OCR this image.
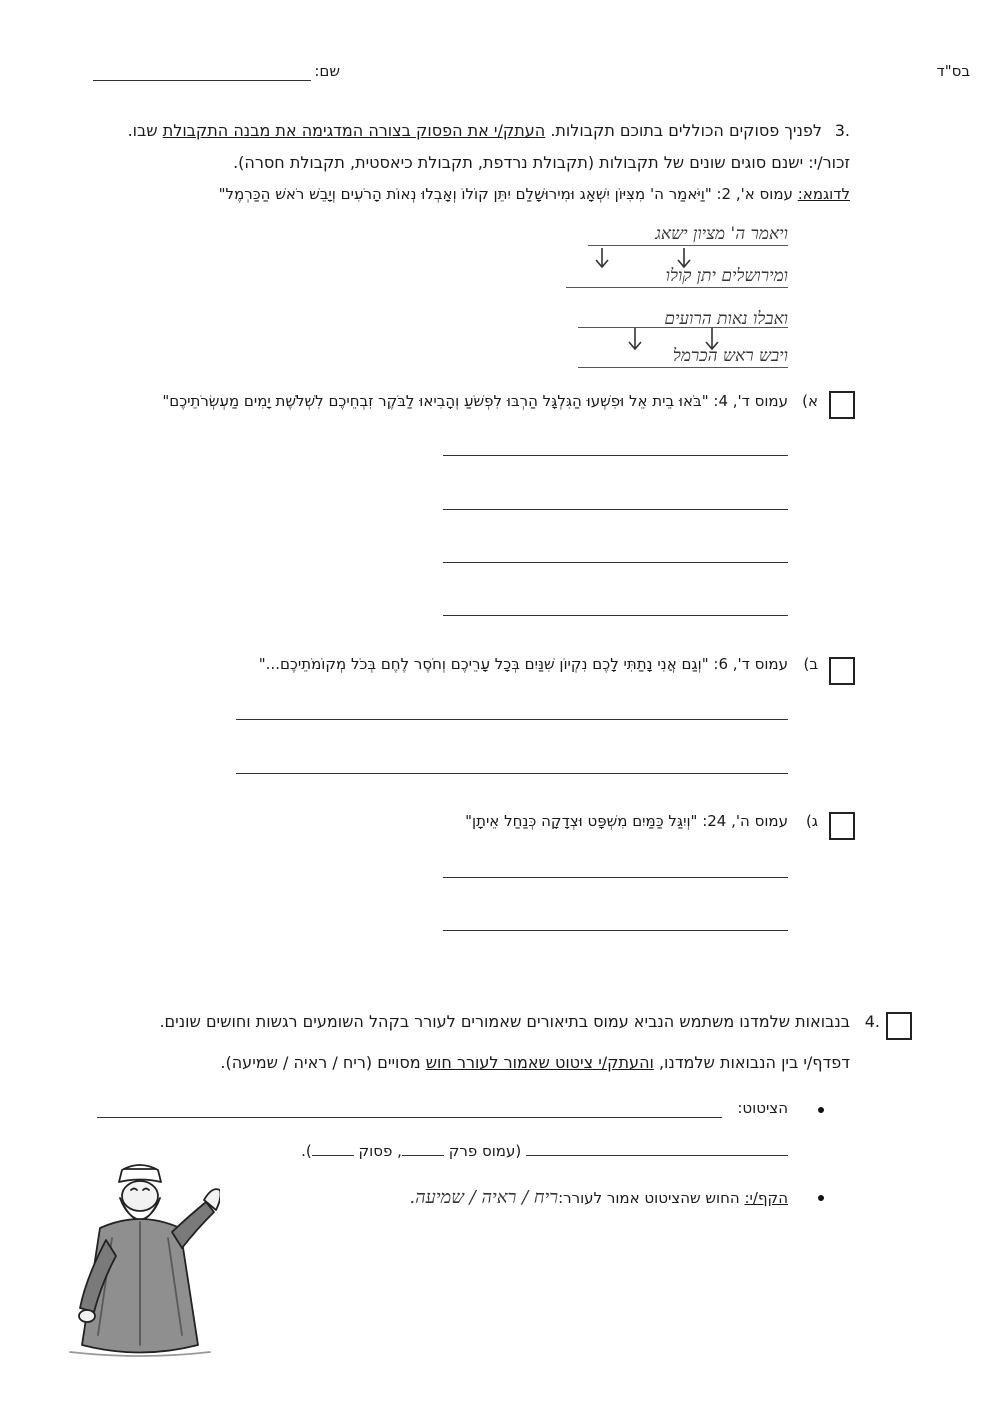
בס"ד
שם:
3.
לפניך פסוקים הכוללים בתוכם תקבולות. העתק/י את הפסוק בצורה המדגימה את מבנה התקבולת שבו.
זכור/י: ישנם סוגים שונים של תקבולות (תקבולת נרדפת, תקבולת כיאסטית, תקבולת חסרה).
לדוגמא: עמוס א', 2: "וַיֹּאמַר ה' מִצִּיּוֹן יִשְׁאָג וּמִירוּשָׁלִַם יִתֵּן קוֹלוֹ וְאָבְלוּ נְאוֹת הָרֹעִים וְיָבֵשׁ רֹאשׁ הַכַּרְמֶל"
ויאמר ה' מציון ישאג
ומירושלים יתן קולו
ואבלו נאות הרועים
ויבש ראש הכרמל
א)
עמוס ד', 4: "בֹּאוּ בֵית אֵל וּפִשְׁעוּ הַגִּלְגָּל הַרְבּוּ לִפְשֹׁעַ וְהָבִיאוּ לַבֹּקֶר זִבְחֵיכֶם לִשְׁלֹשֶׁת יָמִים מַעְשְׂרֹתֵיכֶם"
ב)
עמוס ד', 6: "וְגַם אֲנִי נָתַתִּי לָכֶם נִקְיוֹן שִׁנַּיִם בְּכָל עָרֵיכֶם וְחֹסֶר לֶחֶם בְּכֹל מְקוֹמֹתֵיכֶם..."
ג)
עמוס ה', 24: "וְיִגַּל כַּמַּיִם מִשְׁפָּט וּצְדָקָה כְּנַחַל אֵיתָן"
4.
בנבואות שלמדנו משתמש הנביא עמוס בתיאורים שאמורים לעורר בקהל השומעים רגשות וחושים שונים.
דפדף/י בין הנבואות שלמדנו, והעתק/י ציטוט שאמור לעורר חוש מסויים (ריח / ראיה / שמיעה).
הציטוט:
(עמוס פרק , פסוק ).
הקף/י: החוש שהציטוט אמור לעורר:ריח / ראיה / שמיעה.
